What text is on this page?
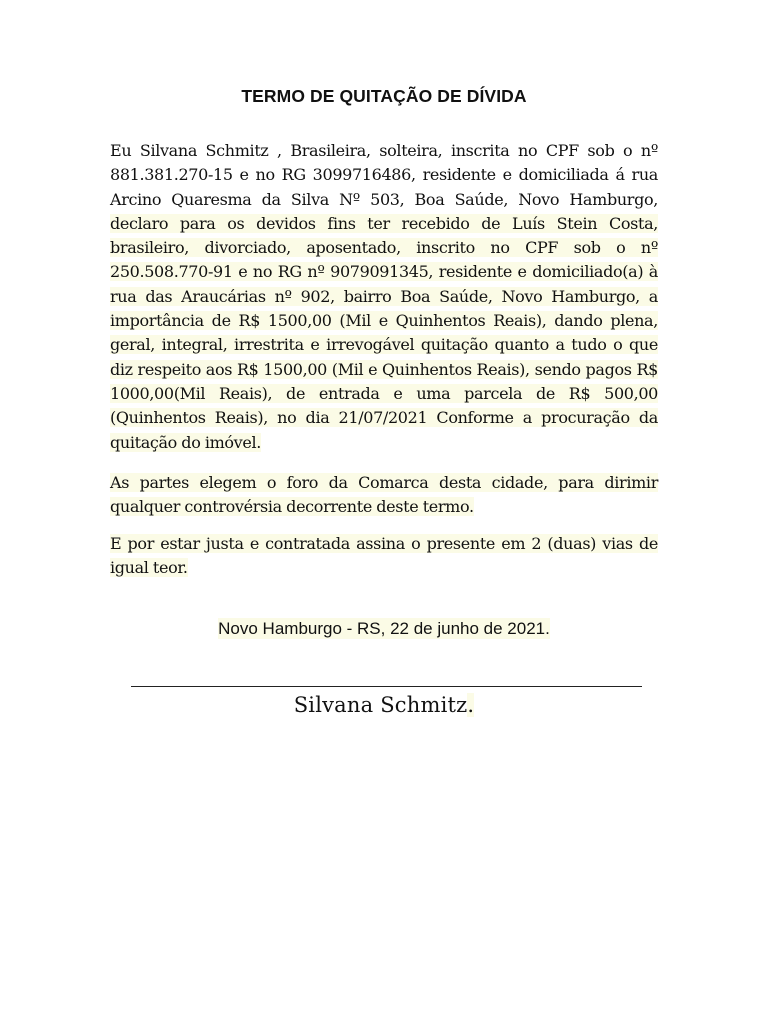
TERMO DE QUITAÇÃO DE DÍVIDA

Eu Silvana Schmitz , Brasileira, solteira, inscrita no CPF sob o nº 881.381.270-15 e no RG 3099716486, residente e domiciliada á rua Arcino Quaresma da Silva Nº 503, Boa Saúde, Novo Hamburgo, declaro para os devidos fins ter recebido de Luís Stein Costa, brasileiro, divorciado, aposentado, inscrito no CPF sob o nº 250.508.770-91 e no RG nº 9079091345, residente e domiciliado(a) à rua das Araucárias nº 902, bairro Boa Saúde, Novo Hamburgo, a importância de R$ 1500,00 (Mil e Quinhentos Reais), dando plena, geral, integral, irrestrita e irrevogável quitação quanto a tudo o que diz respeito aos R$ 1500,00 (Mil e Quinhentos Reais), sendo pagos R$ 1000,00(Mil Reais), de entrada e uma parcela de R$ 500,00 (Quinhentos Reais), no dia 21/07/2021 Conforme a procuração da quitação do imóvel.

As partes elegem o foro da Comarca desta cidade, para dirimir qualquer controvérsia decorrente deste termo.

E por estar justa e contratada assina o presente em 2 (duas) vias de igual teor.

Novo Hamburgo - RS, 22 de junho de 2021.
Silvana Schmitz.
